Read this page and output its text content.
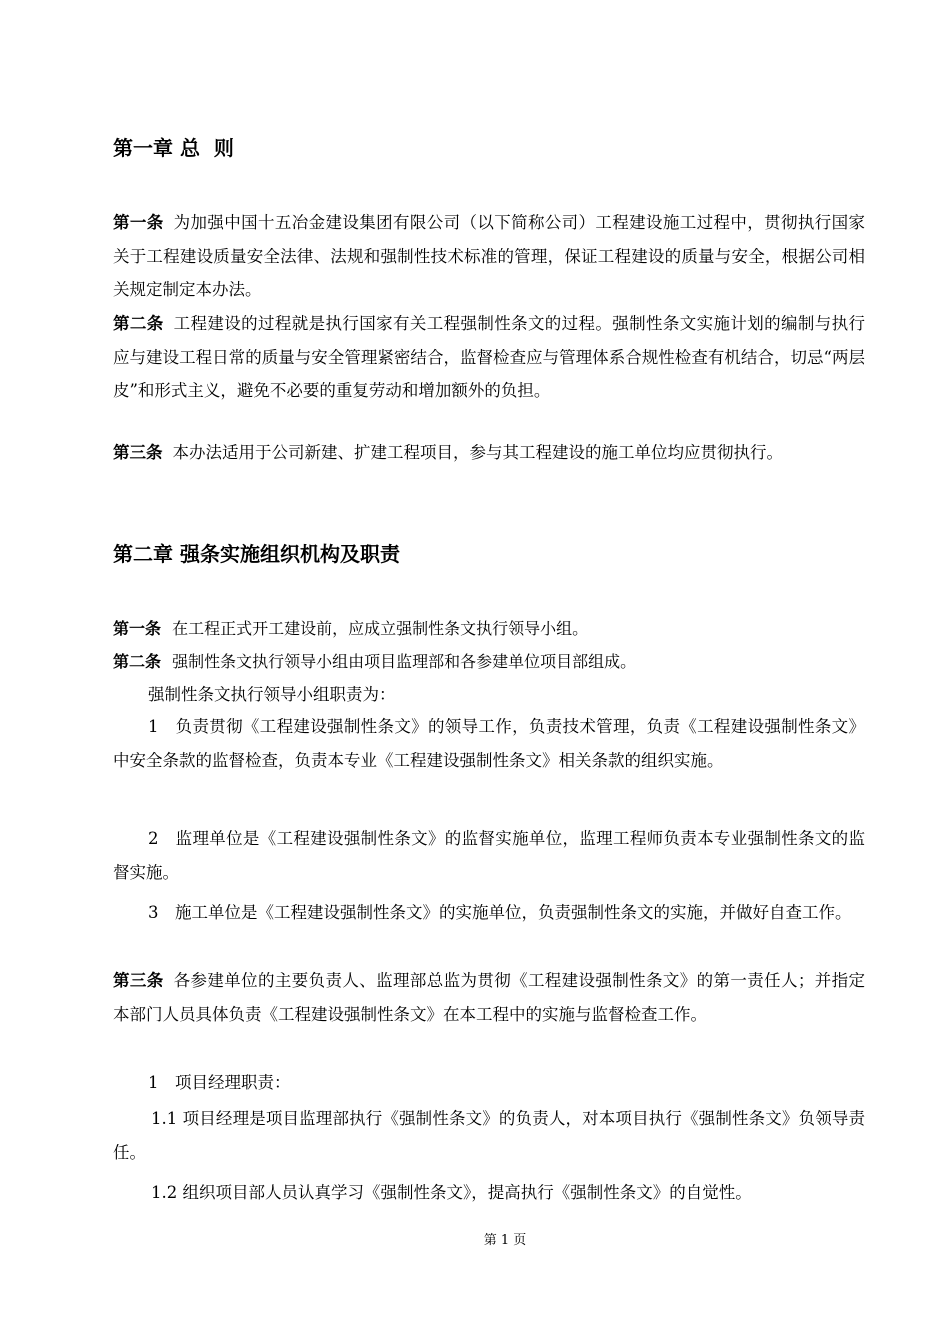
第一章 总  则

第一条 为加强中国十五冶金建设集团有限公司（以下简称公司）工程建设施工过程中，贯彻执行国家关于工程建设质量安全法律、法规和强制性技术标准的管理，保证工程建设的质量与安全，根据公司相关规定制定本办法。

第二条 工程建设的过程就是执行国家有关工程强制性条文的过程。强制性条文实施计划的编制与执行应与建设工程日常的质量与安全管理紧密结合，监督检查应与管理体系合规性检查有机结合，切忌“两层皮”和形式主义，避免不必要的重复劳动和增加额外的负担。

第三条 本办法适用于公司新建、扩建工程项目，参与其工程建设的施工单位均应贯彻执行。

第二章 强条实施组织机构及职责

第一条 在工程正式开工建设前，应成立强制性条文执行领导小组。

第二条 强制性条文执行领导小组由项目监理部和各参建单位项目部组成。

强制性条文执行领导小组职责为：

1　负责贯彻《工程建设强制性条文》的领导工作，负责技术管理，负责《工程建设强制性条文》中安全条款的监督检查，负责本专业《工程建设强制性条文》相关条款的组织实施。

2　监理单位是《工程建设强制性条文》的监督实施单位，监理工程师负责本专业强制性条文的监督实施。

3　施工单位是《工程建设强制性条文》的实施单位，负责强制性条文的实施，并做好自查工作。

第三条 各参建单位的主要负责人、监理部总监为贯彻《工程建设强制性条文》的第一责任人；并指定本部门人员具体负责《工程建设强制性条文》在本工程中的实施与监督检查工作。

1　项目经理职责：

1.1 项目经理是项目监理部执行《强制性条文》的负责人，对本项目执行《强制性条文》负领导责任。

1.2 组织项目部人员认真学习《强制性条文》，提高执行《强制性条文》的自觉性。

第 1 页
